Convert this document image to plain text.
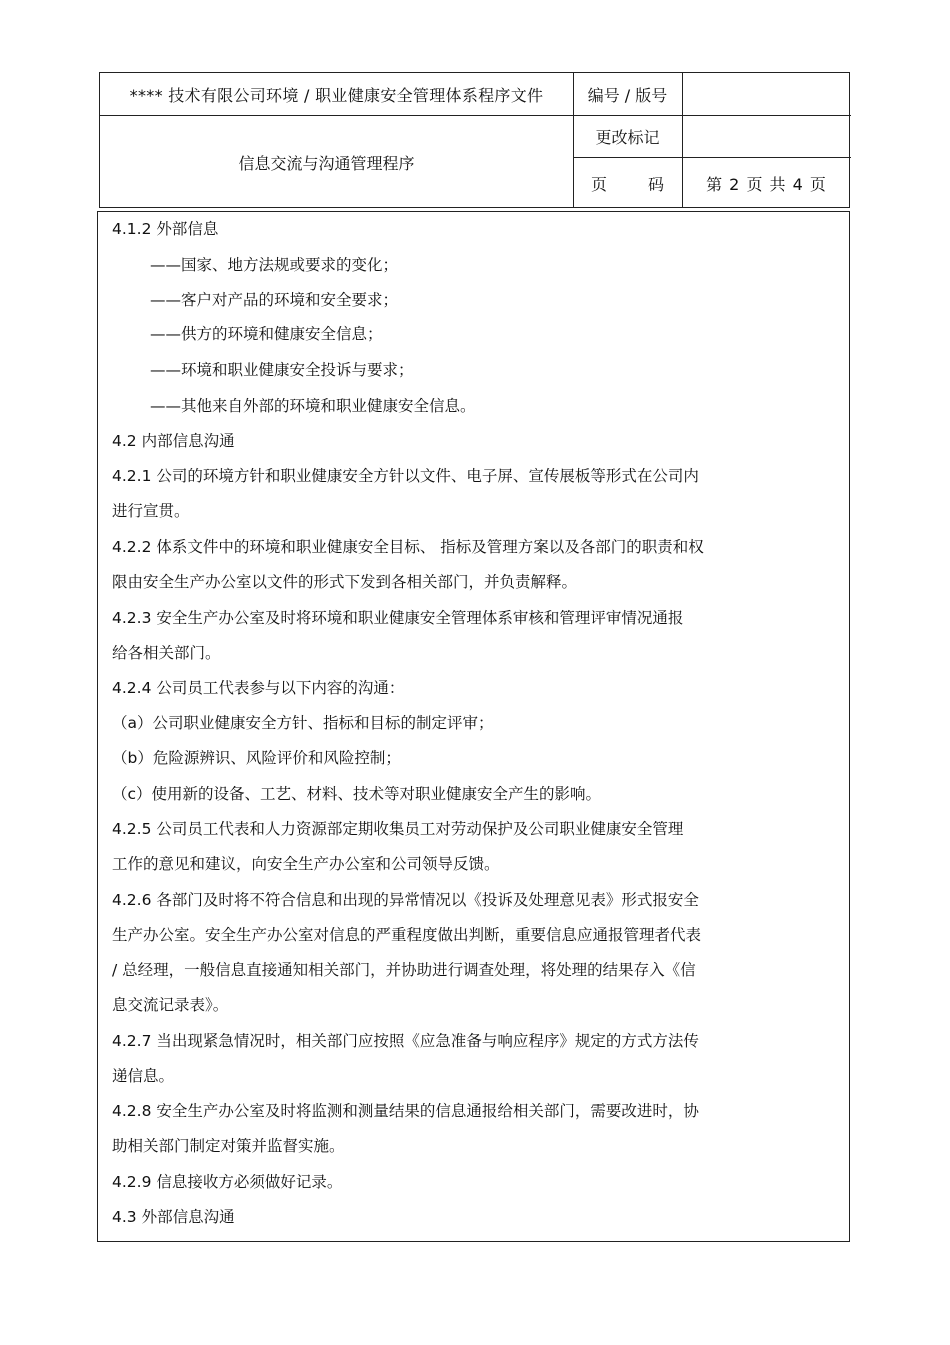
**** 技术有限公司环境 / 职业健康安全管理体系程序文件
信息交流与沟通管理程序
编号 / 版号
更改标记
页	码	第 2 页 共 4 页
4.1.2 外部信息
——国家、地方法规或要求的变化；
——客户对产品的环境和安全要求；
——供方的环境和健康安全信息；
——环境和职业健康安全投诉与要求；
——其他来自外部的环境和职业健康安全信息。
4.2 内部信息沟通
4.2.1 公司的环境方针和职业健康安全方针以文件、电子屏、宣传展板等形式在公司内
进行宣贯。
4.2.2 体系文件中的环境和职业健康安全目标、 指标及管理方案以及各部门的职责和权
限由安全生产办公室以文件的形式下发到各相关部门，并负责解释。
4.2.3 安全生产办公室及时将环境和职业健康安全管理体系审核和管理评审情况通报
给各相关部门。
4.2.4 公司员工代表参与以下内容的沟通：
（a）公司职业健康安全方针、指标和目标的制定评审；
（b）危险源辨识、风险评价和风险控制；
（c）使用新的设备、工艺、材料、技术等对职业健康安全产生的影响。
4.2.5 公司员工代表和人力资源部定期收集员工对劳动保护及公司职业健康安全管理
工作的意见和建议，向安全生产办公室和公司领导反馈。
4.2.6 各部门及时将不符合信息和出现的异常情况以《投诉及处理意见表》形式报安全
生产办公室。安全生产办公室对信息的严重程度做出判断，重要信息应通报管理者代表
/ 总经理，一般信息直接通知相关部门，并协助进行调查处理，将处理的结果存入《信
息交流记录表》。
4.2.7 当出现紧急情况时，相关部门应按照《应急准备与响应程序》规定的方式方法传
递信息。
4.2.8 安全生产办公室及时将监测和测量结果的信息通报给相关部门，需要改进时，协
助相关部门制定对策并监督实施。
4.2.9 信息接收方必须做好记录。
4.3 外部信息沟通
